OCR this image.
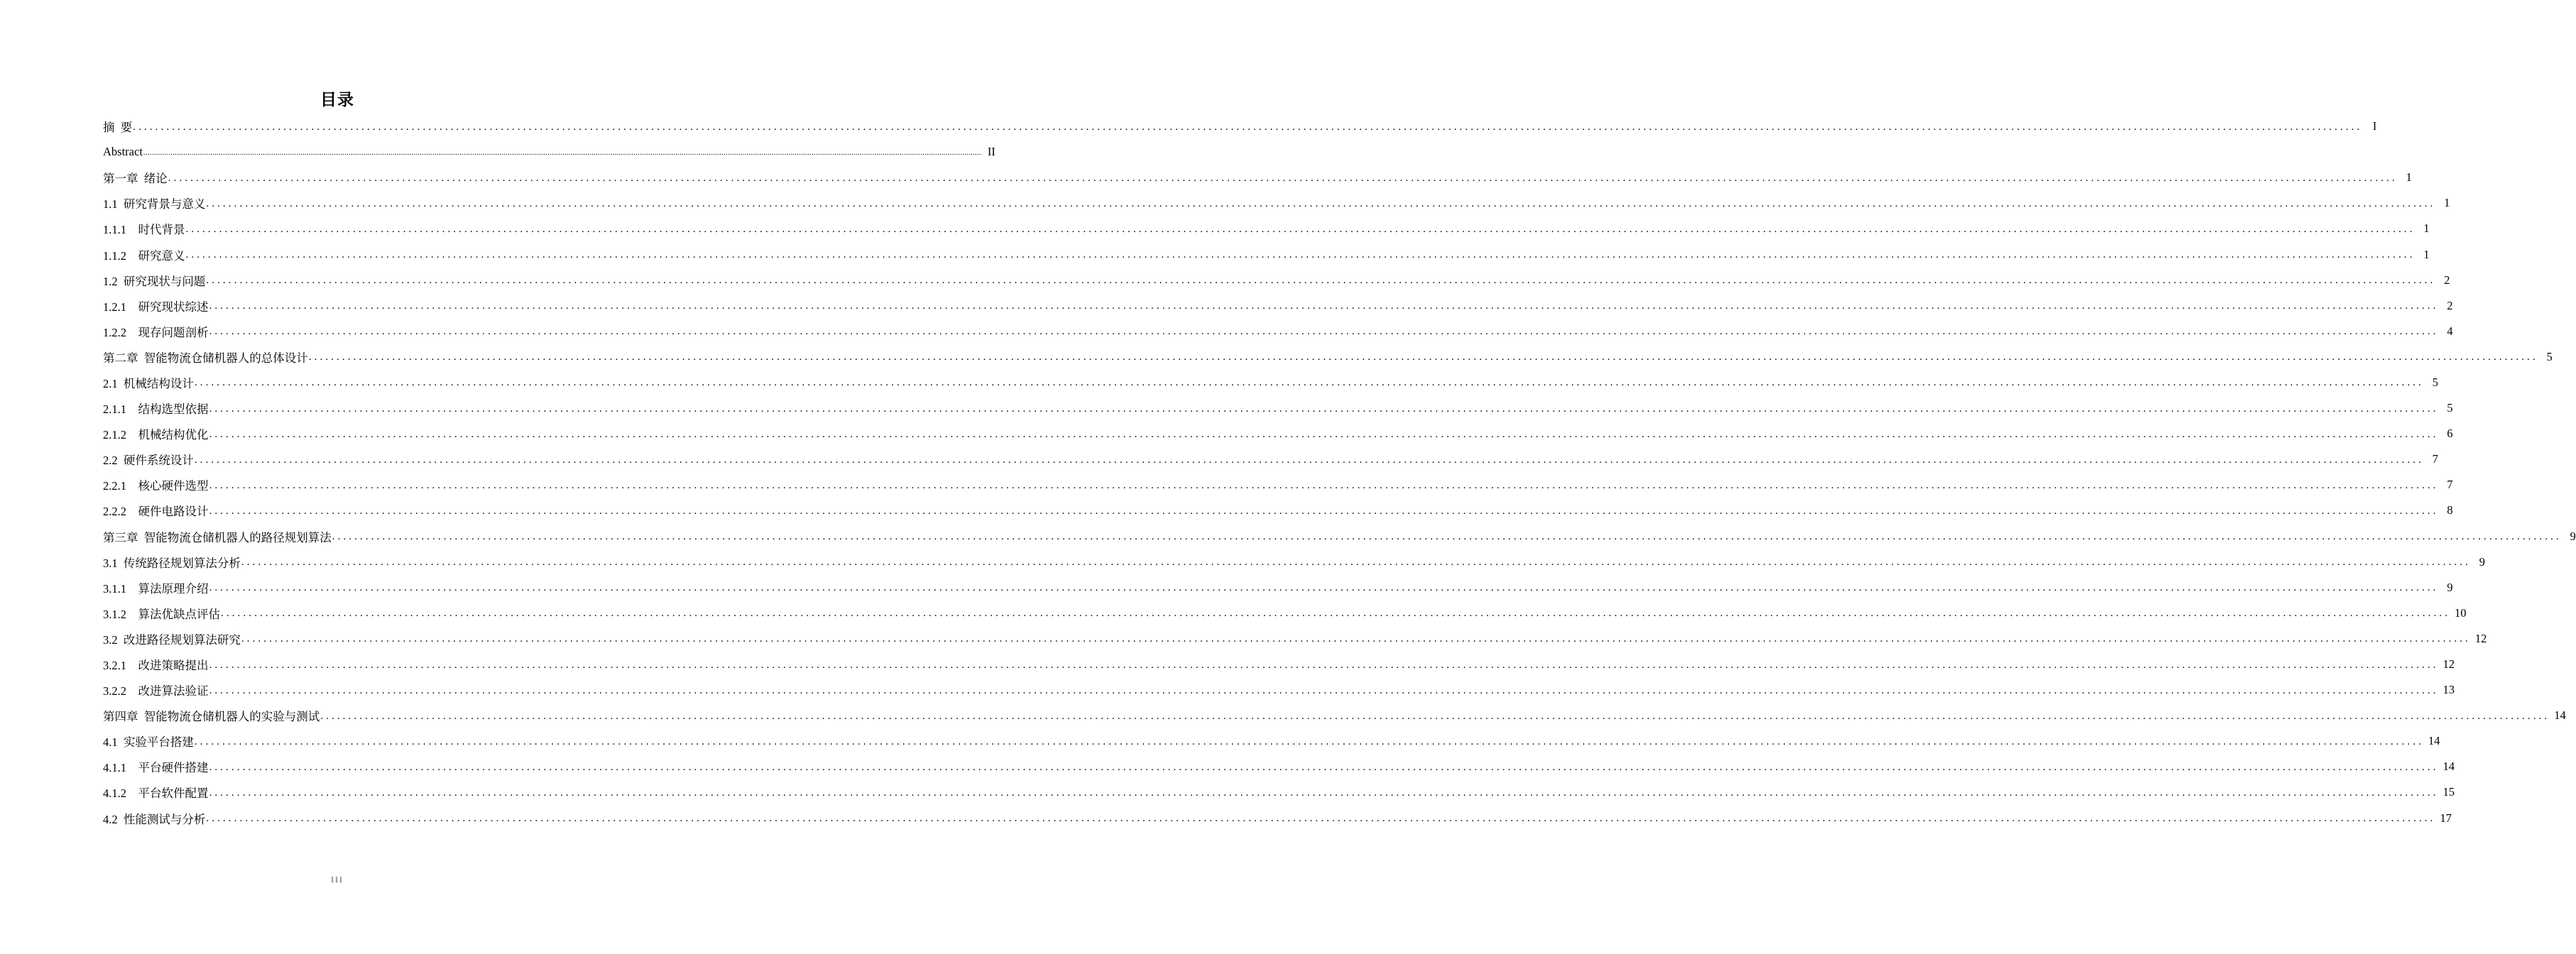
目录
摘  要 ................................................................................................................................................................................................................................................................................................................................................................................................................ I
Abstract ................................................................................................................................................................................................................................................................................................................................................................................................................ II
第一章  绪论 ................................................................................................................................................................................................................................................................................................................................................................................................................ 1
1.1  研究背景与意义 ................................................................................................................................................................................................................................................................................................................................................................................................................ 1
1.1.1    时代背景 ................................................................................................................................................................................................................................................................................................................................................................................................................ 1
1.1.2    研究意义 ................................................................................................................................................................................................................................................................................................................................................................................................................ 1
1.2  研究现状与问题 ................................................................................................................................................................................................................................................................................................................................................................................................................ 2
1.2.1    研究现状综述 ................................................................................................................................................................................................................................................................................................................................................................................................................ 2
1.2.2    现存问题剖析 ................................................................................................................................................................................................................................................................................................................................................................................................................ 4
第二章  智能物流仓储机器人的总体设计 ................................................................................................................................................................................................................................................................................................................................................................................................................ 5
2.1  机械结构设计 ................................................................................................................................................................................................................................................................................................................................................................................................................ 5
2.1.1    结构选型依据 ................................................................................................................................................................................................................................................................................................................................................................................................................ 5
2.1.2    机械结构优化 ................................................................................................................................................................................................................................................................................................................................................................................................................ 6
2.2  硬件系统设计 ................................................................................................................................................................................................................................................................................................................................................................................................................ 7
2.2.1    核心硬件选型 ................................................................................................................................................................................................................................................................................................................................................................................................................ 7
2.2.2    硬件电路设计 ................................................................................................................................................................................................................................................................................................................................................................................................................ 8
第三章  智能物流仓储机器人的路径规划算法 ................................................................................................................................................................................................................................................................................................................................................................................................................ 9
3.1  传统路径规划算法分析 ................................................................................................................................................................................................................................................................................................................................................................................................................ 9
3.1.1    算法原理介绍 ................................................................................................................................................................................................................................................................................................................................................................................................................ 9
3.1.2    算法优缺点评估 ................................................................................................................................................................................................................................................................................................................................................................................................................ 10
3.2  改进路径规划算法研究 ................................................................................................................................................................................................................................................................................................................................................................................................................ 12
3.2.1    改进策略提出 ................................................................................................................................................................................................................................................................................................................................................................................................................ 12
3.2.2    改进算法验证 ................................................................................................................................................................................................................................................................................................................................................................................................................ 13
第四章  智能物流仓储机器人的实验与测试 ................................................................................................................................................................................................................................................................................................................................................................................................................ 14
4.1  实验平台搭建 ................................................................................................................................................................................................................................................................................................................................................................................................................ 14
4.1.1    平台硬件搭建 ................................................................................................................................................................................................................................................................................................................................................................................................................ 14
4.1.2    平台软件配置 ................................................................................................................................................................................................................................................................................................................................................................................................................ 15
4.2  性能测试与分析 ................................................................................................................................................................................................................................................................................................................................................................................................................ 17
III
